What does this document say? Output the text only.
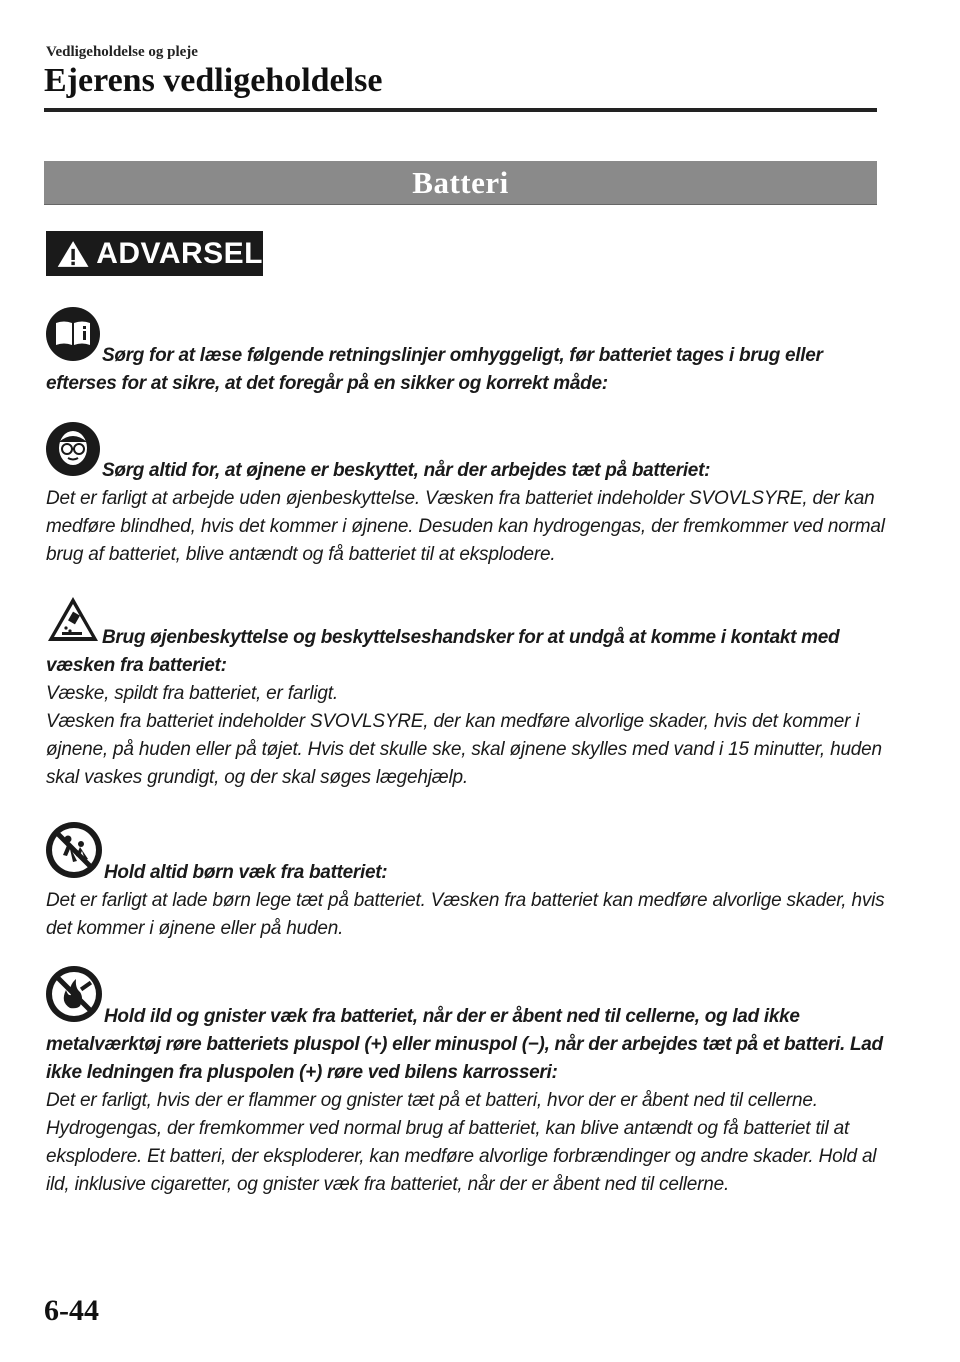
Vedligeholdelse og pleje
Ejerens vedligeholdelse
Batteri
ADVARSEL
Sørg for at læse følgende retningslinjer omhyggeligt, før batteriet tages i brug eller efterses for at sikre, at det foregår på en sikker og korrekt måde:
Sørg altid for, at øjnene er beskyttet, når der arbejdes tæt på batteriet:

Det er farligt at arbejde uden øjenbeskyttelse. Væsken fra batteriet indeholder SVOVLSYRE, der kan medføre blindhed, hvis det kommer i øjnene. Desuden kan hydrogengas, der fremkommer ved normal brug af batteriet, blive antændt og få batteriet til at eksplodere.

Brug øjenbeskyttelse og beskyttelseshandsker for at undgå at komme i kontakt med væsken fra batteriet:

Væske, spildt fra batteriet, er farligt.

Væsken fra batteriet indeholder SVOVLSYRE, der kan medføre alvorlige skader, hvis det kommer i øjnene, på huden eller på tøjet. Hvis det skulle ske, skal øjnene skylles med vand i 15 minutter, huden skal vaskes grundigt, og der skal søges lægehjælp.

Hold altid børn væk fra batteriet:

Det er farligt at lade børn lege tæt på batteriet. Væsken fra batteriet kan medføre alvorlige skader, hvis det kommer i øjnene eller på huden.

Hold ild og gnister væk fra batteriet, når der er åbent ned til cellerne, og lad ikke metalværktøj røre batteriets pluspol (+) eller minuspol (−), når der arbejdes tæt på et batteri. Lad ikke ledningen fra pluspolen (+) røre ved bilens karrosseri:

Det er farligt, hvis der er flammer og gnister tæt på et batteri, hvor der er åbent ned til cellerne. Hydrogengas, der fremkommer ved normal brug af batteriet, kan blive antændt og få batteriet til at eksplodere. Et batteri, der eksploderer, kan medføre alvorlige forbrændinger og andre skader. Hold al ild, inklusive cigaretter, og gnister væk fra batteriet, når der er åbent ned til cellerne.

6-44
